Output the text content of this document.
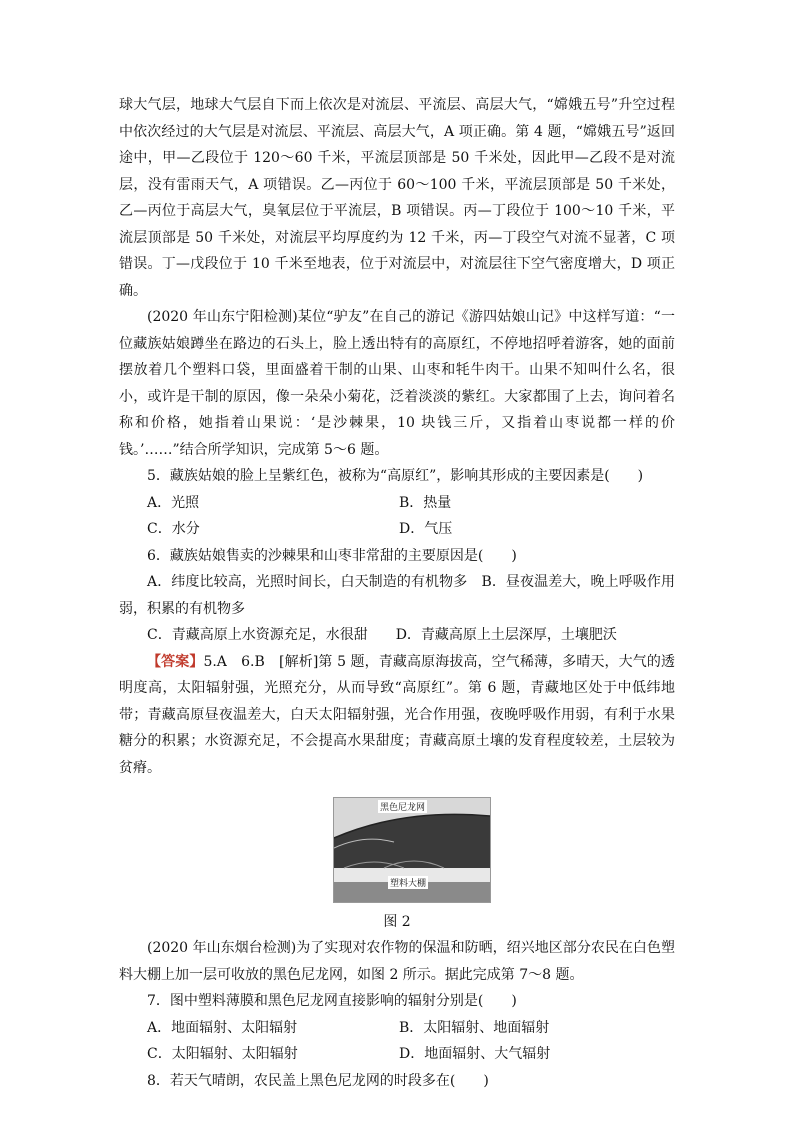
球大气层，地球大气层自下而上依次是对流层、平流层、高层大气，“嫦娥五号”升空过程中依次经过的大气层是对流层、平流层、高层大气，A 项正确。第 4 题，“嫦娥五号”返回途中，甲—乙段位于 120～60 千米，平流层顶部是 50 千米处，因此甲—乙段不是对流层，没有雷雨天气，A 项错误。乙—丙位于 60～100 千米，平流层顶部是 50 千米处，乙—丙位于高层大气，臭氧层位于平流层，B 项错误。丙—丁段位于 100～10 千米，平流层顶部是 50 千米处，对流层平均厚度约为 12 千米，丙—丁段空气对流不显著，C 项错误。丁—戊段位于 10 千米至地表，位于对流层中，对流层往下空气密度增大，D 项正确。

(2020 年山东宁阳检测)某位“驴友”在自己的游记《游四姑娘山记》中这样写道：“一位藏族姑娘蹲坐在路边的石头上，脸上透出特有的高原红，不停地招呼着游客，她的面前摆放着几个塑料口袋，里面盛着干制的山果、山枣和牦牛肉干。山果不知叫什么名，很小，或许是干制的原因，像一朵朵小菊花，泛着淡淡的紫红。大家都围了上去，询问着名称和价格，她指着山果说：‘是沙棘果，10 块钱三斤，又指着山枣说都一样的价钱。’……”结合所学知识，完成第 5～6 题。

5．藏族姑娘的脸上呈紫红色，被称为“高原红”，影响其形成的主要因素是(　　)

A．光照	B．热量
C．水分	D．气压

6．藏族姑娘售卖的沙棘果和山枣非常甜的主要原因是(　　)

A．纬度比较高，光照时间长，白天制造的有机物多　B．昼夜温差大，晚上呼吸作用弱，积累的有机物多

C．青藏高原上水资源充足，水很甜　　D．青藏高原上土层深厚，土壤肥沃

【答案】5.A　6.B　[解析]第 5 题，青藏高原海拔高，空气稀薄，多晴天，大气的透明度高，太阳辐射强，光照充分，从而导致“高原红”。第 6 题，青藏地区处于中低纬地带；青藏高原昼夜温差大，白天太阳辐射强，光合作用强，夜晚呼吸作用弱，有利于水果糖分的积累；水资源充足，不会提高水果甜度；青藏高原土壤的发育程度较差，土层较为贫瘠。

黑色尼龙网
塑料大棚

图 2

(2020 年山东烟台检测)为了实现对农作物的保温和防晒，绍兴地区部分农民在白色塑料大棚上加一层可收放的黑色尼龙网，如图 2 所示。据此完成第 7～8 题。

7．图中塑料薄膜和黑色尼龙网直接影响的辐射分别是(　　)

A．地面辐射、太阳辐射	B．太阳辐射、地面辐射
C．太阳辐射、太阳辐射	D．地面辐射、大气辐射

8．若天气晴朗，农民盖上黑色尼龙网的时段多在(　　)
